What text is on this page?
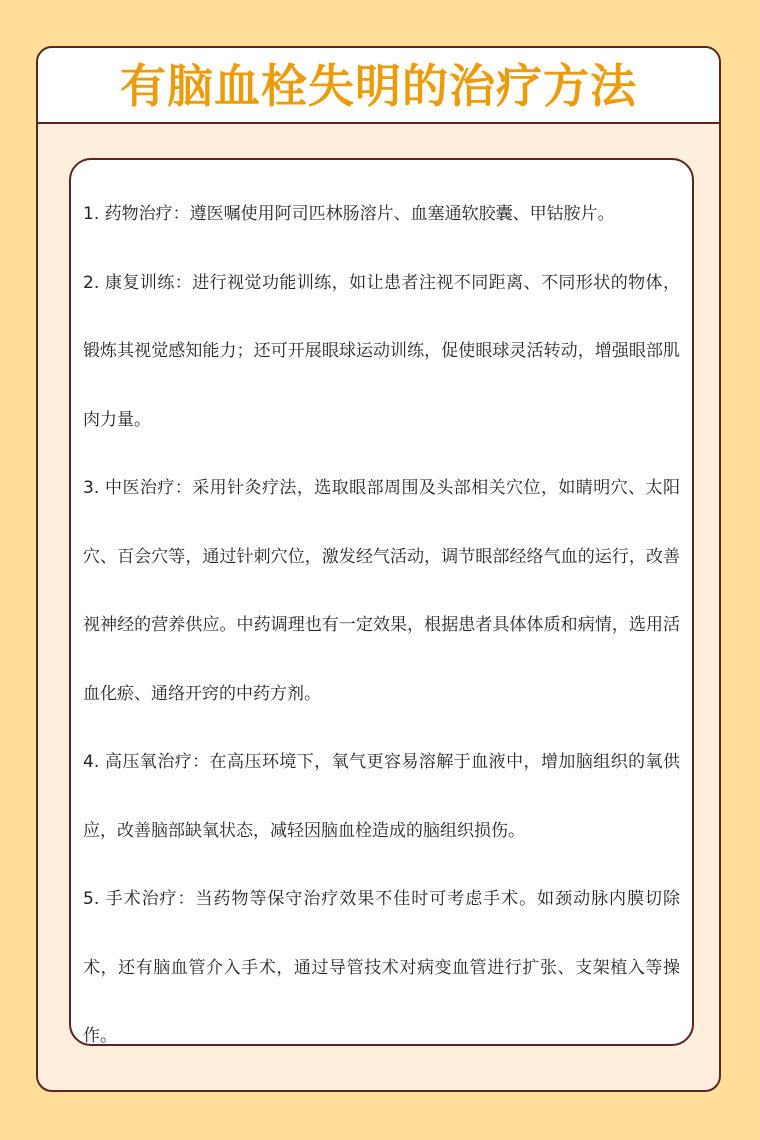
有脑血栓失明的治疗方法

1. 药物治疗：遵医嘱使用阿司匹林肠溶片、血塞通软胶囊、甲钴胺片。

2. 康复训练：进行视觉功能训练，如让患者注视不同距离、不同形状的物体，锻炼其视觉感知能力；还可开展眼球运动训练，促使眼球灵活转动，增强眼部肌肉力量。

3. 中医治疗：采用针灸疗法，选取眼部周围及头部相关穴位，如睛明穴、太阳穴、百会穴等，通过针刺穴位，激发经气活动，调节眼部经络气血的运行，改善视神经的营养供应。中药调理也有一定效果，根据患者具体体质和病情，选用活血化瘀、通络开窍的中药方剂。

4. 高压氧治疗：在高压环境下，氧气更容易溶解于血液中，增加脑组织的氧供应，改善脑部缺氧状态，减轻因脑血栓造成的脑组织损伤。

5. 手术治疗：当药物等保守治疗效果不佳时可考虑手术。如颈动脉内膜切除术，还有脑血管介入手术，通过导管技术对病变血管进行扩张、支架植入等操作。
